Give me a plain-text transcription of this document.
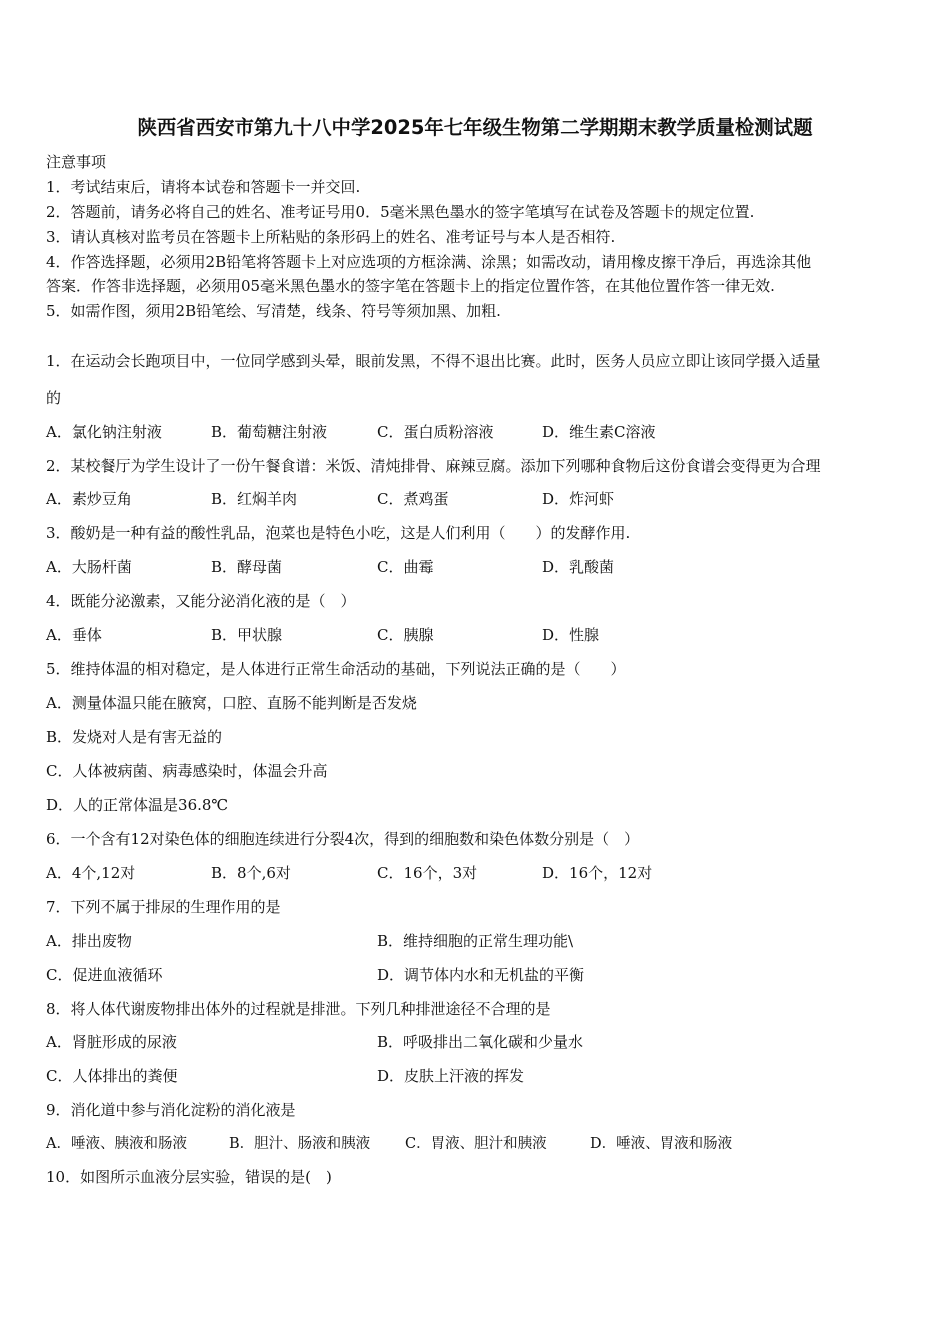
陕西省西安市第九十八中学2025年七年级生物第二学期期末教学质量检测试题
注意事项
1．考试结束后，请将本试卷和答题卡一并交回.
2．答题前，请务必将自己的姓名、准考证号用0．5毫米黑色墨水的签字笔填写在试卷及答题卡的规定位置.
3．请认真核对监考员在答题卡上所粘贴的条形码上的姓名、准考证号与本人是否相符.
4．作答选择题，必须用2B铅笔将答题卡上对应选项的方框涂满、涂黑；如需改动，请用橡皮擦干净后，再选涂其他
答案．作答非选择题，必须用05毫米黑色墨水的签字笔在答题卡上的指定位置作答，在其他位置作答一律无效.
5．如需作图，须用2B铅笔绘、写清楚，线条、符号等须加黑、加粗.
1．在运动会长跑项目中，一位同学感到头晕，眼前发黑，不得不退出比赛。此时，医务人员应立即让该同学摄入适量
的
A．氯化钠注射液	B．葡萄糖注射液	C．蛋白质粉溶液	D．维生素C溶液
2．某校餐厅为学生设计了一份午餐食谱：米饭、清炖排骨、麻辣豆腐。添加下列哪种食物后这份食谱会变得更为合理
A．素炒豆角	B．红焖羊肉	C．煮鸡蛋	D．炸河虾
3．酸奶是一种有益的酸性乳品，泡菜也是特色小吃，这是人们利用（　　）的发酵作用.
A．大肠杆菌	B．酵母菌	C．曲霉	D．乳酸菌
4．既能分泌激素，又能分泌消化液的是（　）
A．垂体	B．甲状腺	C．胰腺	D．性腺
5．维持体温的相对稳定，是人体进行正常生命活动的基础，下列说法正确的是（　　）
A．测量体温只能在腋窝，口腔、直肠不能判断是否发烧
B．发烧对人是有害无益的
C．人体被病菌、病毒感染时，体温会升高
D．人的正常体温是36.8℃
6．一个含有12对染色体的细胞连续进行分裂4次，得到的细胞数和染色体数分别是（　）
A．4个,12对	B．8个,6对	C．16个，3对	D．16个，12对
7．下列不属于排尿的生理作用的是
A．排出废物	B．维持细胞的正常生理功能\
C．促进血液循环	D．调节体内水和无机盐的平衡
8．将人体代谢废物排出体外的过程就是排泄。下列几种排泄途径不合理的是
A．肾脏形成的尿液	B．呼吸排出二氧化碳和少量水
C．人体排出的粪便	D．皮肤上汗液的挥发
9．消化道中参与消化淀粉的消化液是
A．唾液、胰液和肠液	B．胆汁、肠液和胰液 C．胃液、胆汁和胰液	D．唾液、胃液和肠液
10．如图所示血液分层实验，错误的是(　)
